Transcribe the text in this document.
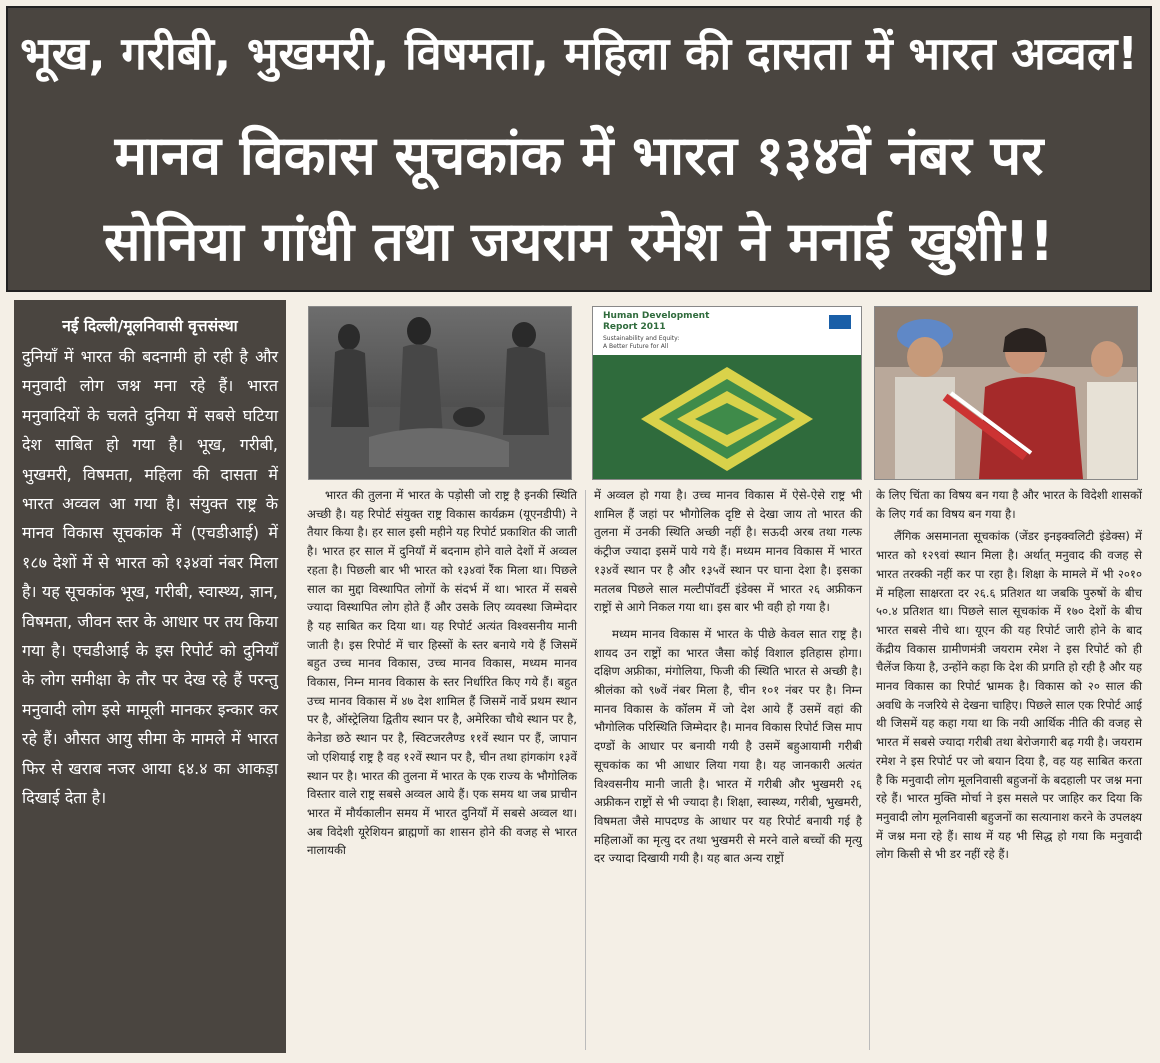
भूख, गरीबी, भुखमरी, विषमता, महिला की दासता में भारत अव्वल!
मानव विकास सूचकांक में भारत १३४वें नंबर पर
सोनिया गांधी तथा जयराम रमेश ने मनाई खुशी!!
नई दिल्ली/मूलनिवासी वृत्तसंस्था

दुनियाँ में भारत की बदनामी हो रही है और मनुवादी लोग जश्न मना रहे हैं। भारत मनुवादियों के चलते दुनिया में सबसे घटिया देश साबित हो गया है। भूख, गरीबी, भुखमरी, विषमता, महिला की दासता में भारत अव्वल आ गया है। संयुक्त राष्ट्र के मानव विकास सूचकांक में (एचडीआई) में १८७ देशों में से भारत को १३४वां नंबर मिला है। यह सूचकांक भूख, गरीबी, स्वास्थ्य, ज्ञान, विषमता, जीवन स्तर के आधार पर तय किया गया है। एचडीआई के इस रिपोर्ट को दुनियाँ के लोग समीक्षा के तौर पर देख रहे हैं परन्तु मनुवादी लोग इसे मामूली मानकर इन्कार कर रहे हैं। औसत आयु सीमा के मामले में भारत फिर से खराब नजर आया ६४.४ का आकड़ा दिखाई देता है।

Human Development
Report 2011
Sustainability and Equity:
A Better Future for All

भारत की तुलना में भारत के पड़ोसी जो राष्ट्र है इनकी स्थिति अच्छी है। यह रिपोर्ट संयुक्त राष्ट्र विकास कार्यक्रम (यूएनडीपी) ने तैयार किया है। हर साल इसी महीने यह रिपोर्ट प्रकाशित की जाती है। भारत हर साल में दुनियाँ में बदनाम होने वाले देशों में अव्वल रहता है। पिछली बार भी भारत को १३४वां रैंक मिला था। पिछले साल का मुद्दा विस्थापित लोगों के संदर्भ में था। भारत में सबसे ज्यादा विस्थापित लोग होते हैं और उसके लिए व्यवस्था जिम्मेदार है यह साबित कर दिया था। यह रिपोर्ट अत्यंत विश्वसनीय मानी जाती है। इस रिपोर्ट में चार हिस्सों के स्तर बनाये गये हैं जिसमें बहुत उच्च मानव विकास, उच्च मानव विकास, मध्यम मानव विकास, निम्न मानव विकास के स्तर निर्धारित किए गये हैं। बहुत उच्च मानव विकास में ४७ देश शामिल हैं जिसमें नार्वे प्रथम स्थान पर है, ऑस्ट्रेलिया द्वितीय स्थान पर है, अमेरिका चौथे स्थान पर है, केनेडा छठे स्थान पर है, स्विटजरलैण्ड ११वें स्थान पर हैं, जापान जो एशियाई राष्ट्र है वह १२वें स्थान पर है, चीन तथा हांगकांग १३वें स्थान पर है। भारत की तुलना में भारत के एक राज्य के भौगोलिक विस्तार वाले राष्ट्र सबसे अव्वल आये हैं। एक समय था जब प्राचीन भारत में मौर्यकालीन समय में भारत दुनियाँ में सबसे अव्वल था। अब विदेशी यूरेशियन ब्राह्मणों का शासन होने की वजह से भारत नालायकी

में अव्वल हो गया है। उच्च मानव विकास में ऐसे-ऐसे राष्ट्र भी शामिल हैं जहां पर भौगोलिक दृष्टि से देखा जाय तो भारत की तुलना में उनकी स्थिति अच्छी नहीं है। सऊदी अरब तथा गल्फ कंट्रीज ज्यादा इसमें पाये गये हैं। मध्यम मानव विकास में भारत १३४वें स्थान पर है और १३५वें स्थान पर घाना देशा है। इसका मतलब पिछले साल मल्टीपॉवर्टी इंडेक्स में भारत २६ अफ्रीकन राष्ट्रों से आगे निकल गया था। इस बार भी वही हो गया है।

मध्यम मानव विकास में भारत के पीछे केवल सात राष्ट्र है। शायद उन राष्ट्रों का भारत जैसा कोई विशाल इतिहास होगा। दक्षिण अफ्रीका, मंगोलिया, फिजी की स्थिति भारत से अच्छी है। श्रीलंका को ९७वें नंबर मिला है, चीन १०१ नंबर पर है। निम्न मानव विकास के कॉलम में जो देश आये हैं उसमें वहां की भौगोलिक परिस्थिति जिम्मेदार है। मानव विकास रिपोर्ट जिस माप दण्डों के आधार पर बनायी गयी है उसमें बहुआयामी गरीबी सूचकांक का भी आधार लिया गया है। यह जानकारी अत्यंत विश्वसनीय मानी जाती है। भारत में गरीबी और भुखमरी २६ अफ्रीकन राष्ट्रों से भी ज्यादा है। शिक्षा, स्वास्थ्य, गरीबी, भुखमरी, विषमता जैसे मापदण्ड के आधार पर यह रिपोर्ट बनायी गई है महिलाओं का मृत्यु दर तथा भुखमरी से मरने वाले बच्चों की मृत्यु दर ज्यादा दिखायी गयी है। यह बात अन्य राष्ट्रों

के लिए चिंता का विषय बन गया है और भारत के विदेशी शासकों के लिए गर्व का विषय बन गया है।

लैंगिक असमानता सूचकांक (जेंडर इनइक्वलिटी इंडेक्स) में भारत को १२९वां स्थान मिला है। अर्थात् मनुवाद की वजह से भारत तरक्की नहीं कर पा रहा है। शिक्षा के मामले में भी २०१० में महिला साक्षरता दर २६.६ प्रतिशत था जबकि पुरुषों के बीच ५०.४ प्रतिशत था। पिछले साल सूचकांक में १७० देशों के बीच भारत सबसे नीचे था। यूएन की यह रिपोर्ट जारी होने के बाद केंद्रीय विकास ग्रामीणमंत्री जयराम रमेश ने इस रिपोर्ट को ही चैलेंज किया है, उन्होंने कहा कि देश की प्रगति हो रही है और यह मानव विकास का रिपोर्ट भ्रामक है। विकास को २० साल की अवधि के नजरिये से देखना चाहिए। पिछले साल एक रिपोर्ट आई थी जिसमें यह कहा गया था कि नयी आर्थिक नीति की वजह से भारत में सबसे ज्यादा गरीबी तथा बेरोजगारी बढ़ गयी है। जयराम रमेश ने इस रिपोर्ट पर जो बयान दिया है, वह यह साबित करता है कि मनुवादी लोग मूलनिवासी बहुजनों के बदहाली पर जश्न मना रहे हैं। भारत मुक्ति मोर्चा ने इस मसले पर जाहिर कर दिया कि मनुवादी लोग मूलनिवासी बहुजनों का सत्यानाश करने के उपलक्ष्य में जश्न मना रहे हैं। साथ में यह भी सिद्ध हो गया कि मनुवादी लोग किसी से भी डर नहीं रहे हैं।
